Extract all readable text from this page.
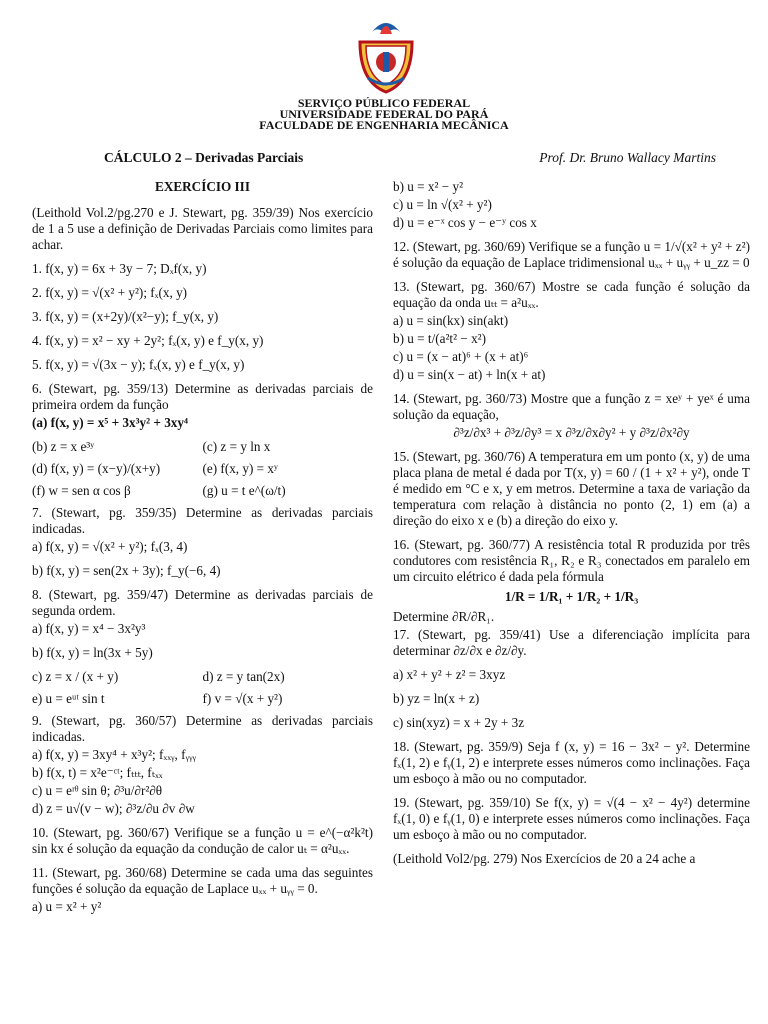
SERVIÇO PÚBLICO FEDERAL
UNIVERSIDADE FEDERAL DO PARÁ
FACULDADE DE ENGENHARIA MECÂNICA
CÁLCULO 2 – Derivadas Parciais	Prof. Dr. Bruno Wallacy Martins
EXERCÍCIO III

(Leithold Vol.2/pg.270 e J. Stewart, pg. 359/39) Nos exercício de 1 a 5 use a definição de Derivadas Parciais como limites para achar.

1. f(x, y) = 6x + 3y − 7; Dₓf(x, y)

2. f(x, y) = √(x² + y²); fₓ(x, y)

3. f(x, y) = (x+2y)/(x²−y); f_y(x, y)

4. f(x, y) = x² − xy + 2y²; fₓ(x, y) e f_y(x, y)

5. f(x, y) = √(3x − y); fₓ(x, y) e f_y(x, y)

6. (Stewart, pg. 359/13) Determine as derivadas parciais de primeira ordem da função

(a) f(x, y) = x⁵ + 3x³y² + 3xy⁴

(b) z = x e³ʸ	(c) z = y ln x
(d) f(x, y) = (x−y)/(x+y)	(e) f(x, y) = xʸ
(f) w = sen α cos β	(g) u = t e^(ω/t)

7. (Stewart, pg. 359/35) Determine as derivadas parciais indicadas.

a) f(x, y) = √(x² + y²); fₓ(3, 4)

b) f(x, y) = sen(2x + 3y); f_y(−6, 4)

8. (Stewart, pg. 359/47) Determine as derivadas parciais de segunda ordem.

a) f(x, y) = x⁴ − 3x²y³

b) f(x, y) = ln(3x + 5y)

c) z = x / (x + y)	d) z = y tan(2x)
e) u = eᵘᵗ sin t	f) v = √(x + y²)

9. (Stewart, pg. 360/57) Determine as derivadas parciais indicadas.

a) f(x, y) = 3xy⁴ + x³y²; fₓₓᵧ, fᵧᵧᵧ

b) f(x, t) = x²e⁻ᶜᵗ; fₜₜₜ, fₜₓₓ

c) u = eʳᶿ sin θ; ∂³u/∂r²∂θ

d) z = u√(v − w); ∂³z/∂u ∂v ∂w

10. (Stewart, pg. 360/67) Verifique se a função u = e^(−α²k²t) sin kx é solução da equação da condução de calor uₜ = α²uₓₓ.

11. (Stewart, pg. 360/68) Determine se cada uma das seguintes funções é solução da equação de Laplace uₓₓ + uᵧᵧ = 0.

a) u = x² + y²

b) u = x² − y²

c) u = ln √(x² + y²)

d) u = e⁻ˣ cos y − e⁻ʸ cos x

12. (Stewart, pg. 360/69) Verifique se a função u = 1/√(x² + y² + z²) é solução da equação de Laplace tridimensional uₓₓ + uᵧᵧ + u_zz = 0

13. (Stewart, pg. 360/67) Mostre se cada função é solução da equação da onda uₜₜ = a²uₓₓ.

a) u = sin(kx) sin(akt)

b) u = t/(a²t² − x²)

c) u = (x − at)⁶ + (x + at)⁶

d) u = sin(x − at) + ln(x + at)

14. (Stewart, pg. 360/73) Mostre que a função z = xeʸ + yeˣ é uma solução da equação,

∂³z/∂x³ + ∂³z/∂y³ = x ∂³z/∂x∂y² + y ∂³z/∂x²∂y

15. (Stewart, pg. 360/76) A temperatura em um ponto (x, y) de uma placa plana de metal é dada por T(x, y) = 60 / (1 + x² + y²), onde T é medido em °C e x, y em metros. Determine a taxa de variação da temperatura com relação à distância no ponto (2, 1) em (a) a direção do eixo x e (b) a direção do eixo y.

16. (Stewart, pg. 360/77) A resistência total R produzida por três condutores com resistência R₁, R₂ e R₃ conectados em paralelo em um circuito elétrico é dada pela fórmula

1/R = 1/R₁ + 1/R₂ + 1/R₃

Determine ∂R/∂R₁.

17. (Stewart, pg. 359/41) Use a diferenciação implícita para determinar ∂z/∂x e ∂z/∂y.

a) x² + y² + z² = 3xyz

b) yz = ln(x + z)

c) sin(xyz) = x + 2y + 3z

18. (Stewart, pg. 359/9) Seja f (x, y) = 16 − 3x² − y². Determine fₓ(1, 2) e fᵧ(1, 2) e interprete esses números como inclinações. Faça um esboço à mão ou no computador.

19. (Stewart, pg. 359/10) Se f(x, y) = √(4 − x² − 4y²) determine fₓ(1, 0) e fᵧ(1, 0) e interprete esses números como inclinações. Faça um esboço à mão ou no computador.

(Leithold Vol2/pg. 279) Nos Exercícios de 20 a 24 ache a
